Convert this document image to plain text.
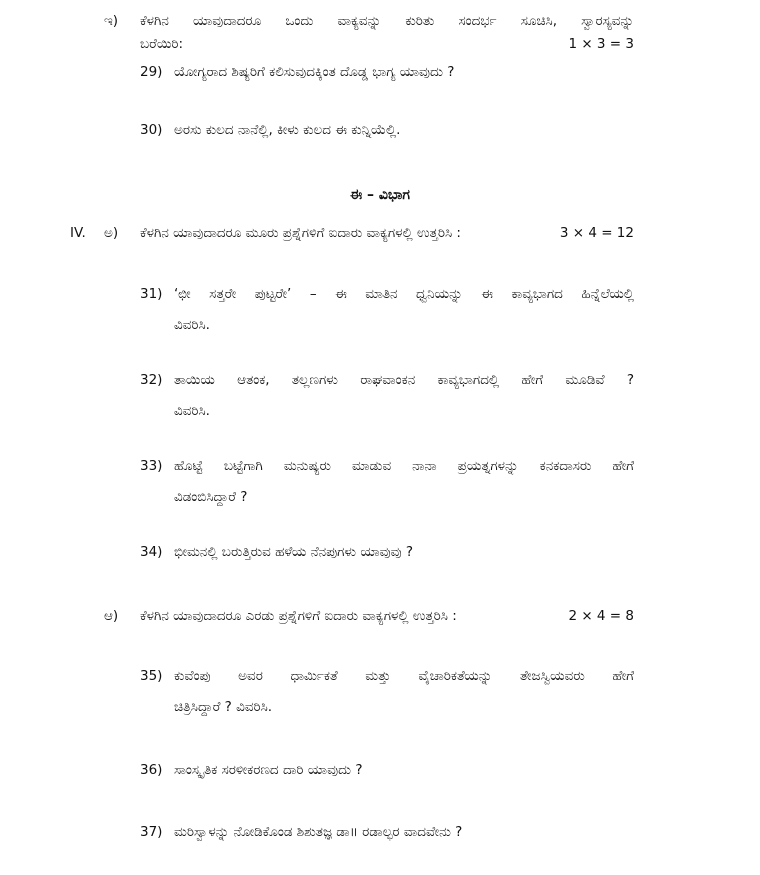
ಇ) ಕೆಳಗಿನ ಯಾವುದಾದರೂ ಒಂದು ವಾಕ್ಯವನ್ನು ಕುರಿತು ಸಂದರ್ಭ ಸೂಚಿಸಿ, ಸ್ವಾರಸ್ಯವನ್ನು
ಬರೆಯಿರಿ:	1 × 3 = 3
29) ಯೋಗ್ಯರಾದ ಶಿಷ್ಯರಿಗೆ ಕಲಿಸುವುದಕ್ಕಿಂತ ದೊಡ್ಡ ಭಾಗ್ಯ ಯಾವುದು ?
30) ಅರಸು ಕುಲದ ನಾನೆಲ್ಲಿ, ಕೀಳು ಕುಲದ ಈ ಕುನ್ನಿಯೆಲ್ಲಿ.
ಈ – ವಿಭಾಗ
IV. ಅ) ಕೆಳಗಿನ ಯಾವುದಾದರೂ ಮೂರು ಪ್ರಶ್ನೆಗಳಿಗೆ ಐದಾರು ವಾಕ್ಯಗಳಲ್ಲಿ ಉತ್ತರಿಸಿ :	3 × 4 = 12
31) ‘ಛೀ ಸತ್ತರೇ ಪುಟ್ಟರೇ’ – ಈ ಮಾತಿನ ಧ್ವನಿಯನ್ನು ಈ ಕಾವ್ಯಭಾಗದ ಹಿನ್ನೆಲೆಯಲ್ಲಿ
ವಿವರಿಸಿ.
32) ತಾಯಿಯ ಆತಂಕ, ತಲ್ಲಣಗಳು ರಾಘವಾಂಕನ ಕಾವ್ಯಭಾಗದಲ್ಲಿ ಹೇಗೆ ಮೂಡಿವೆ ?
ವಿವರಿಸಿ.
33) ಹೊಟ್ಟೆ ಬಟ್ಟೆಗಾಗಿ ಮನುಷ್ಯರು ಮಾಡುವ ನಾನಾ ಪ್ರಯತ್ನಗಳನ್ನು ಕನಕದಾಸರು ಹೇಗೆ
ವಿಡಂಬಿಸಿದ್ದಾರೆ ?
34) ಭೀಮನಲ್ಲಿ ಬರುತ್ತಿರುವ ಹಳೆಯ ನೆನಪುಗಳು ಯಾವುವು ?
ಆ) ಕೆಳಗಿನ ಯಾವುದಾದರೂ ಎರಡು ಪ್ರಶ್ನೆಗಳಿಗೆ ಐದಾರು ವಾಕ್ಯಗಳಲ್ಲಿ ಉತ್ತರಿಸಿ :	2 × 4 = 8
35) ಕುವೆಂಪು ಅವರ ಧಾರ್ಮಿಕತೆ ಮತ್ತು ವೈಚಾರಿಕತೆಯನ್ನು ತೇಜಸ್ವಿಯವರು ಹೇಗೆ
ಚಿತ್ರಿಸಿದ್ದಾರೆ ? ವಿವರಿಸಿ.
36) ಸಾಂಸ್ಕೃತಿಕ ಸರಳೀಕರಣದ ದಾರಿ ಯಾವುದು ?
37) ಮರಿಸ್ವಾಳನ್ನು ನೋಡಿಕೊಂಡ ಶಿಶುತಜ್ಞ ಡಾ॥ ರಡಾಲ್ಫರ ವಾದವೇನು ?
